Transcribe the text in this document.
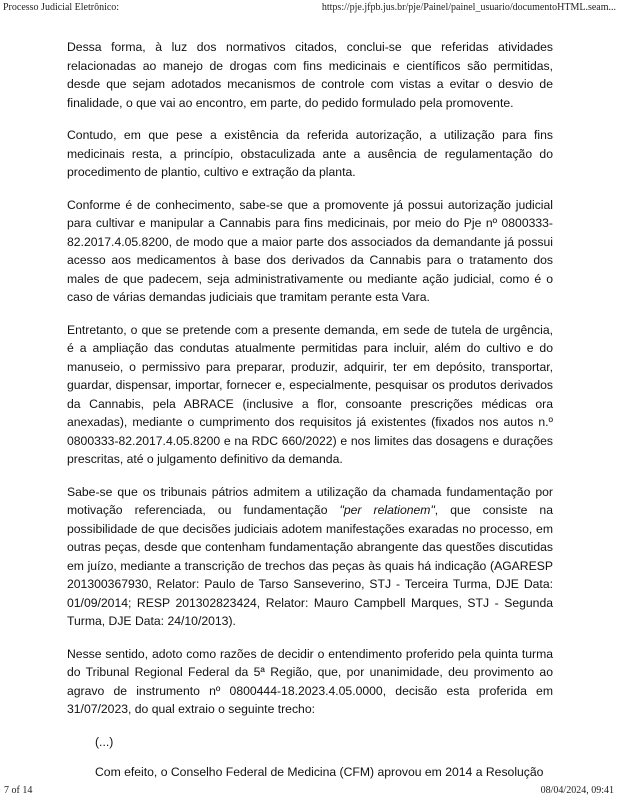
Processo Judicial Eletrônico:	https://pje.jfpb.jus.br/pje/Painel/painel_usuario/documentoHTML.seam...

Dessa forma, à luz dos normativos citados, conclui-se que referidas atividades relacionadas ao manejo de drogas com fins medicinais e científicos são permitidas, desde que sejam adotados mecanismos de controle com vistas a evitar o desvio de finalidade, o que vai ao encontro, em parte, do pedido formulado pela promovente.

Contudo, em que pese a existência da referida autorização, a utilização para fins medicinais resta, a princípio, obstaculizada ante a ausência de regulamentação do procedimento de plantio, cultivo e extração da planta.

Conforme é de conhecimento, sabe-se que a promovente já possui autorização judicial para cultivar e manipular a Cannabis para fins medicinais, por meio do Pje nº 0800333-82.2017.4.05.8200, de modo que a maior parte dos associados da demandante já possui acesso aos medicamentos à base dos derivados da Cannabis para o tratamento dos males de que padecem, seja administrativamente ou mediante ação judicial, como é o caso de várias demandas judiciais que tramitam perante esta Vara.

Entretanto, o que se pretende com a presente demanda, em sede de tutela de urgência, é a ampliação das condutas atualmente permitidas para incluir, além do cultivo e do manuseio, o permissivo para preparar, produzir, adquirir, ter em depósito, transportar, guardar, dispensar, importar, fornecer e, especialmente, pesquisar os produtos derivados da Cannabis, pela ABRACE (inclusive a flor, consoante prescrições médicas ora anexadas), mediante o cumprimento dos requisitos já existentes (fixados nos autos n.º 0800333-82.2017.4.05.8200 e na RDC 660/2022) e nos limites das dosagens e durações prescritas, até o julgamento definitivo da demanda.

Sabe-se que os tribunais pátrios admitem a utilização da chamada fundamentação por motivação referenciada, ou fundamentação "per relationem", que consiste na possibilidade de que decisões judiciais adotem manifestações exaradas no processo, em outras peças, desde que contenham fundamentação abrangente das questões discutidas em juízo, mediante a transcrição de trechos das peças às quais há indicação (AGARESP 201300367930, Relator: Paulo de Tarso Sanseverino, STJ - Terceira Turma, DJE Data: 01/09/2014; RESP 201302823424, Relator: Mauro Campbell Marques, STJ - Segunda Turma, DJE Data: 24/10/2013).

Nesse sentido, adoto como razões de decidir o entendimento proferido pela quinta turma do Tribunal Regional Federal da 5ª Região, que, por unanimidade, deu provimento ao agravo de instrumento nº 0800444-18.2023.4.05.0000, decisão esta proferida em 31/07/2023, do qual extraio o seguinte trecho:

(...)

Com efeito, o Conselho Federal de Medicina (CFM) aprovou em 2014 a Resolução

7 of 14	08/04/2024, 09:41
